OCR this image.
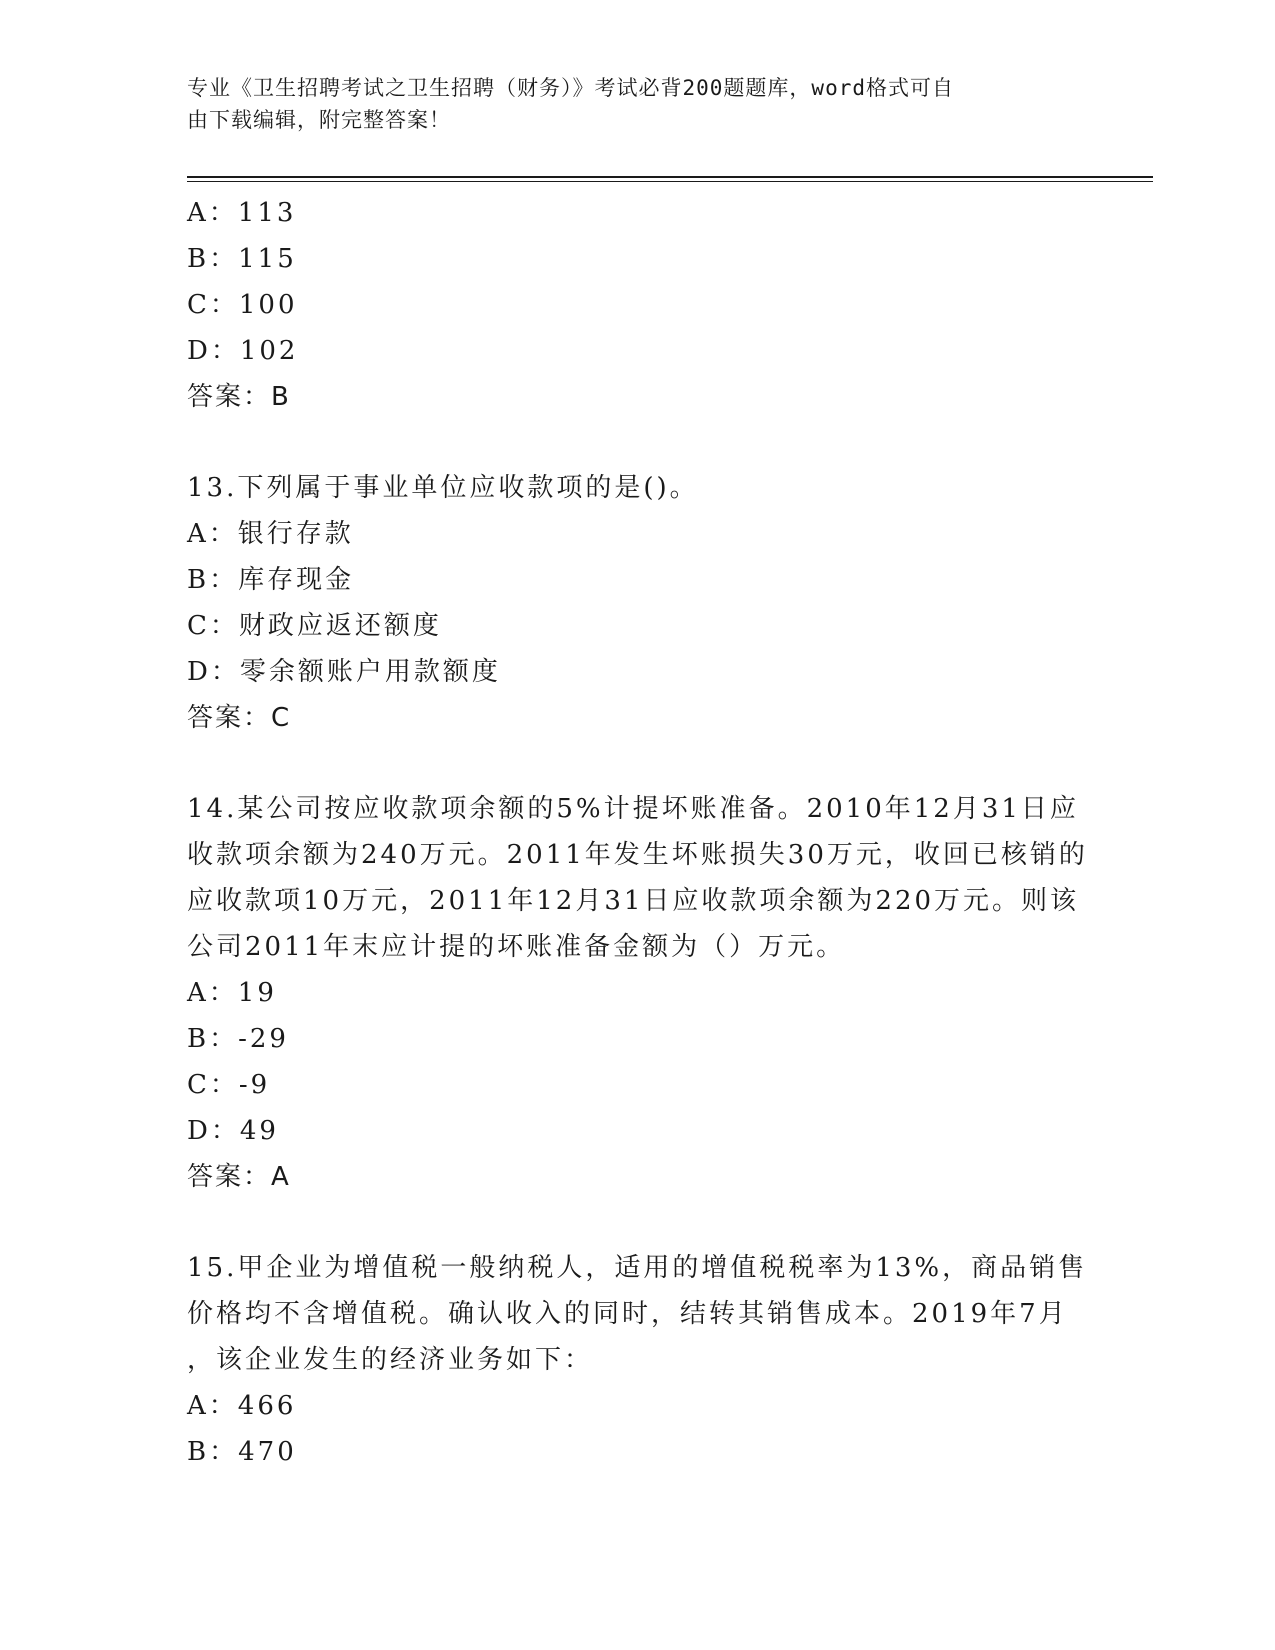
专业《卫生招聘考试之卫生招聘（财务）》考试必背200题题库，word格式可自
由下载编辑，附完整答案！
A：113
B：115
C：100
D：102
答案：B
13.下列属于事业单位应收款项的是()。
A：银行存款
B：库存现金
C：财政应返还额度
D：零余额账户用款额度
答案：C
14.某公司按应收款项余额的5%计提坏账准备。2010年12月31日应
收款项余额为240万元。2011年发生坏账损失30万元，收回已核销的
应收款项10万元，2011年12月31日应收款项余额为220万元。则该
公司2011年末应计提的坏账准备金额为（）万元。
A：19
B：-29
C：-9
D：49
答案：A
15.甲企业为增值税一般纳税人，适用的增值税税率为13%，商品销售
价格均不含增值税。确认收入的同时，结转其销售成本。2019年7月
，该企业发生的经济业务如下：
A：466
B：470
